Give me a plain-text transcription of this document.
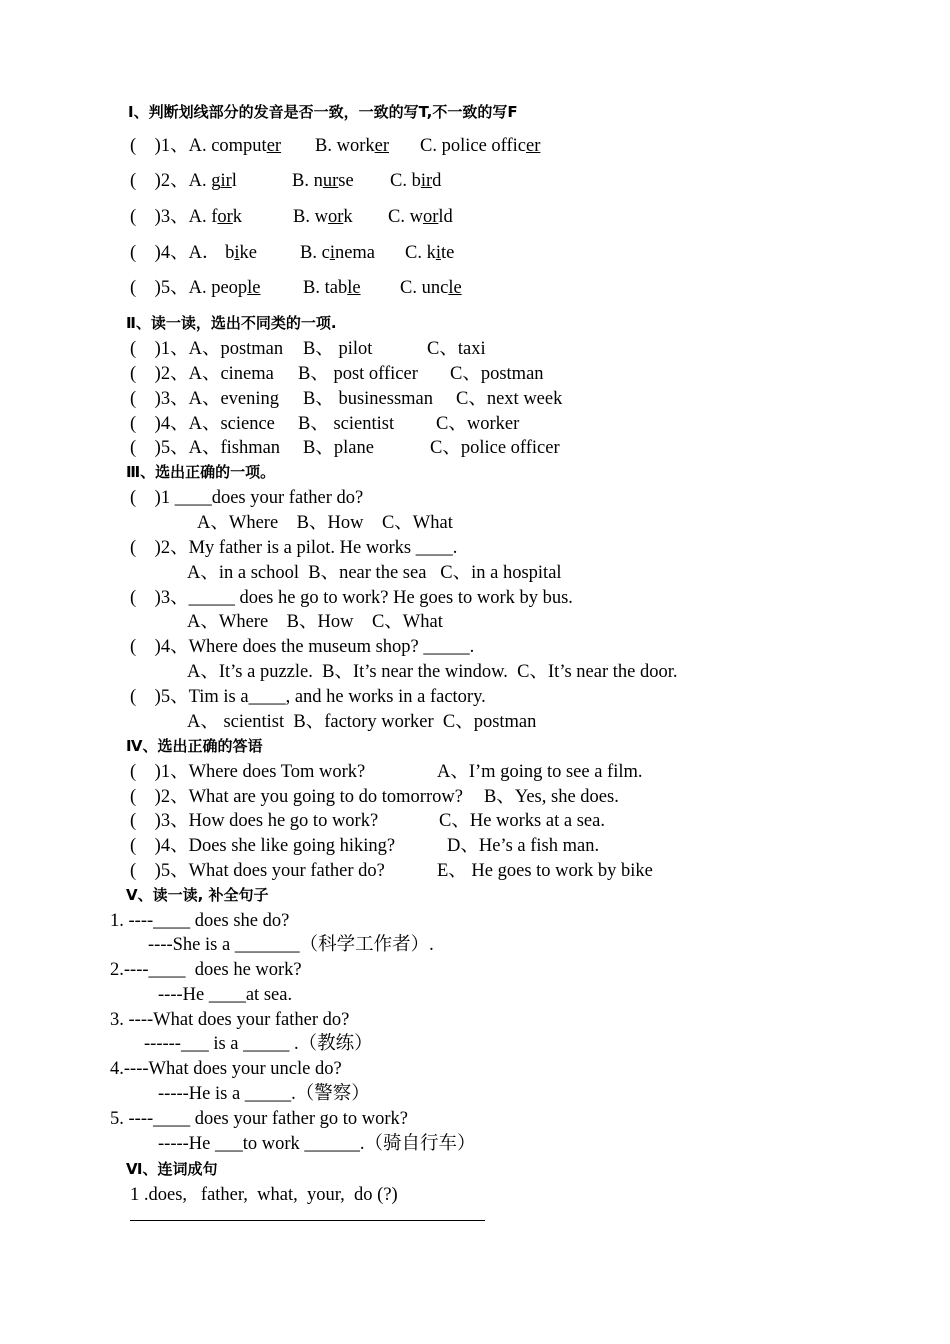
Ⅰ、判断划线部分的发音是否一致，一致的写T,不一致的写F
(    )1、A. computer B. worker C. police officer
(    )2、A. girl	B. nurse C. bird
(    )3、A. fork	B. work C. world
(    )4、A． bike B. cinema C. kite
(    )5、A. people B. table C. uncle
Ⅱ、读一读，选出不同类的一项.
(    )1、A、postman B、 pilot	C、taxi
(    )2、A、cinema B、 post officer C、postman
(    )3、A、evening B、 businessman C、next week
(    )4、A、science B、 scientist C、worker
(    )5、A、fishman B、plane	C、police officer
Ⅲ、选出正确的一项。
(    )1 ____does your father do?
A、Where    B、How    C、What
(    )2、My father is a pilot. He works ____.
A、in a school  B、near the sea   C、in a hospital
(    )3、_____ does he go to work? He goes to work by bus.
A、Where    B、How    C、What
(    )4、Where does the museum shop? _____.
A、It’s a puzzle.  B、It’s near the window.  C、It’s near the door.
(    )5、Tim is a____, and he works in a factory.
A、 scientist  B、factory worker  C、postman
Ⅳ、选出正确的答语
(    )1、Where does Tom work?	A、I’m going to see a film.
(    )2、What are you going to do tomorrow? B、Yes, she does.
(    )3、How does he go to work?	C、He works at a sea.
(    )4、Does she like going hiking?	D、He’s a fish man.
(    )5、What does your father do?	E、 He goes to work by bike
Ⅴ、读一读, 补全句子
1. ----____ does she do?
----She is a _______（科学工作者）.
2.----____  does he work?
----He ____at sea.
3. ----What does your father do?
------___ is a _____ .（教练）
4.----What does your uncle do?
-----He is a _____.（警察）
5. ----____ does your father go to work?
-----He ___to work ______.（骑自行车）
Ⅵ、连词成句
1 .does,   father,  what,  your,  do (?)
